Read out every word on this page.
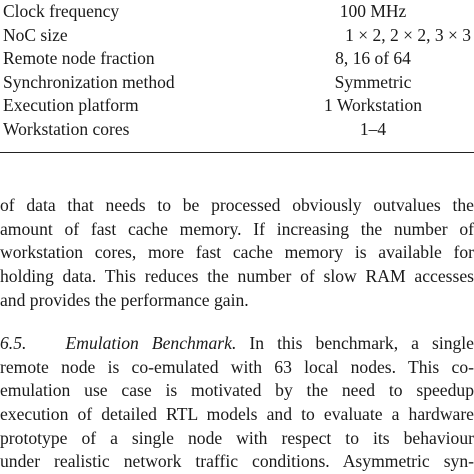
Clock frequency	100 MHz
NoC size	1 × 2, 2 × 2, 3 × 3
Remote node fraction	8, 16 of 64
Synchronization method	Symmetric
Execution platform	1 Workstation
Workstation cores	1–4
of data that needs to be processed obviously outvalues the
amount of fast cache memory. If increasing the number of
workstation cores, more fast cache memory is available for
holding data. This reduces the number of slow RAM accesses
and provides the performance gain.
6.5. Emulation Benchmark. In this benchmark, a single
remote node is co-emulated with 63 local nodes. This co-
emulation use case is motivated by the need to speedup
execution of detailed RTL models and to evaluate a hardware
prototype of a single node with respect to its behaviour
under realistic network traffic conditions. Asymmetric syn-
